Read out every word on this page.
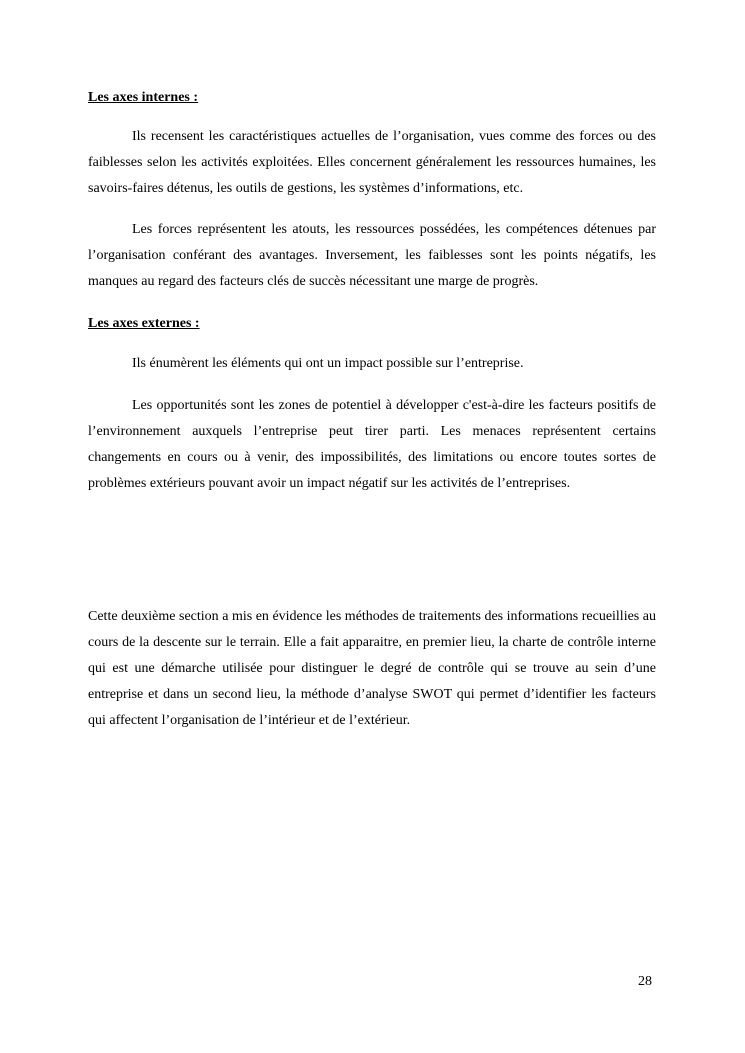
Les axes internes :

Ils recensent les caractéristiques actuelles de l’organisation, vues comme des forces ou des faiblesses selon les activités exploitées. Elles concernent généralement les ressources humaines, les savoirs-faires détenus, les outils de gestions, les systèmes d’informations, etc.

Les forces représentent les atouts, les ressources possédées, les compétences détenues par l’organisation conférant des avantages. Inversement, les faiblesses sont les points négatifs, les manques au regard des facteurs clés de succès nécessitant une marge de progrès.

Les axes externes :

Ils énumèrent les éléments qui ont un impact possible sur l’entreprise.

Les opportunités sont les zones de potentiel à développer c'est-à-dire les facteurs positifs de l’environnement auxquels l’entreprise peut tirer parti. Les menaces représentent certains changements en cours ou à venir, des impossibilités, des limitations ou encore toutes sortes de problèmes extérieurs pouvant avoir un impact négatif sur les activités de l’entreprises.

Cette deuxième section a mis en évidence les méthodes de traitements des informations recueillies au cours de la descente sur le terrain. Elle a fait apparaitre, en premier lieu, la charte de contrôle interne qui est une démarche utilisée pour distinguer le degré de contrôle qui se trouve au sein d’une entreprise et dans un second lieu, la méthode d’analyse SWOT qui permet d’identifier les facteurs qui affectent l’organisation de l’intérieur et de l’extérieur.

28
